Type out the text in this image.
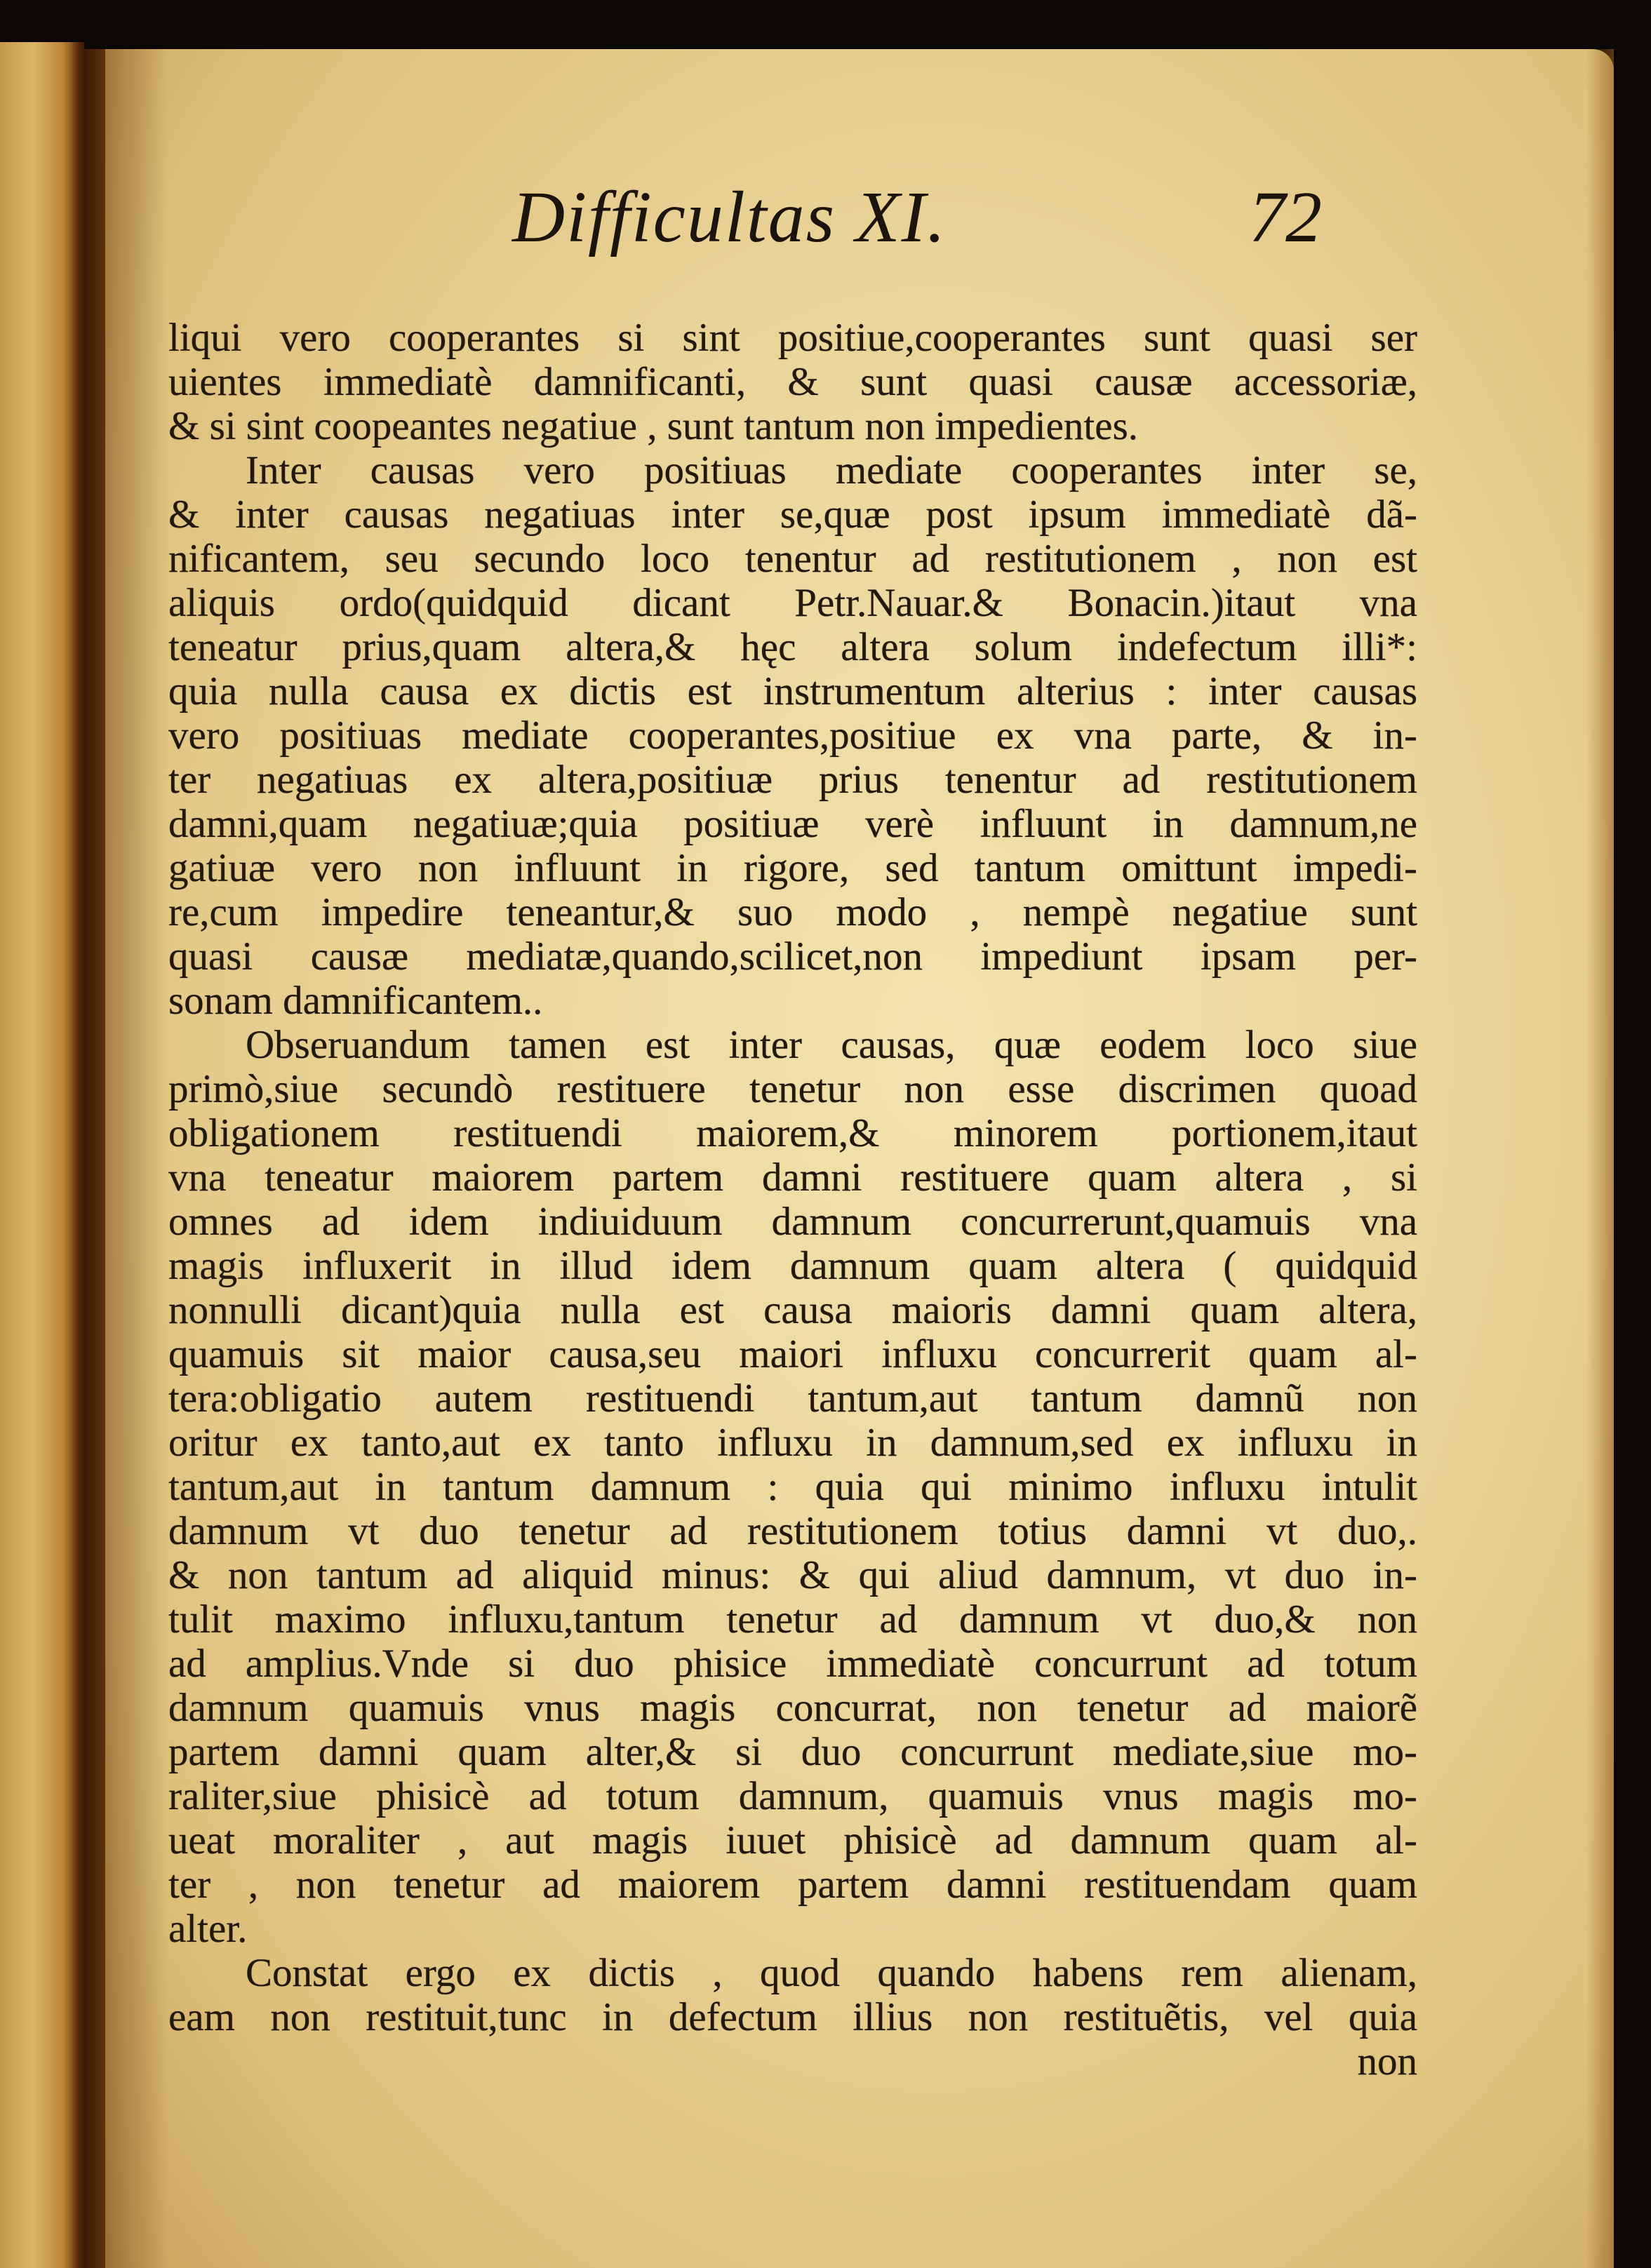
Difficultas XI.	72
liqui vero cooperantes si sint positiue,cooperantes sunt quasi ser
uientes immediatè damnificanti, & sunt quasi causæ accessoriæ,
& si sint coopeantes negatiue , sunt tantum non impedientes.
Inter causas vero positiuas mediate cooperantes inter se,
& inter causas negatiuas inter se,quæ post ipsum immediatè dã-
nificantem, seu secundo loco tenentur ad restitutionem , non est
aliquis ordo(quidquid dicant Petr.Nauar.& Bonacin.)itaut vna
teneatur prius,quam altera,& hęc altera solum indefectum illi*:
quia nulla causa ex dictis est instrumentum alterius : inter causas
vero positiuas mediate cooperantes,positiue ex vna parte, & in-
ter negatiuas ex altera,positiuæ prius tenentur ad restitutionem
damni,quam negatiuæ;quia positiuæ verè influunt in damnum,ne
gatiuæ vero non influunt in rigore, sed tantum omittunt impedi-
re,cum impedire teneantur,& suo modo , nempè negatiue sunt
quasi causæ mediatæ,quando,scilicet,non impediunt ipsam per-
sonam damnificantem..
Obseruandum tamen est inter causas, quæ eodem loco siue
primò,siue secundò restituere tenetur non esse discrimen quoad
obligationem restituendi maiorem,& minorem portionem,itaut
vna teneatur maiorem partem damni restituere quam altera , si
omnes ad idem indiuiduum damnum concurrerunt,quamuis vna
magis influxerit in illud idem damnum quam altera ( quidquid
nonnulli dicant)quia nulla est causa maioris damni quam altera,
quamuis sit maior causa,seu maiori influxu concurrerit quam al-
tera:obligatio autem restituendi tantum,aut tantum damnũ non
oritur ex tanto,aut ex tanto influxu in damnum,sed ex influxu in
tantum,aut in tantum damnum : quia qui minimo influxu intulit
damnum vt duo tenetur ad restitutionem totius damni vt duo,.
& non tantum ad aliquid minus: & qui aliud damnum, vt duo in-
tulit maximo influxu,tantum tenetur ad damnum vt duo,& non
ad amplius.Vnde si duo phisice immediatè concurrunt ad totum
damnum quamuis vnus magis concurrat, non tenetur ad maiorẽ
partem damni quam alter,& si duo concurrunt mediate,siue mo-
raliter,siue phisicè ad totum damnum, quamuis vnus magis mo-
ueat moraliter , aut magis iuuet phisicè ad damnum quam al-
ter , non tenetur ad maiorem partem damni restituendam quam
alter.
Constat ergo ex dictis , quod quando habens rem alienam,
eam non restituit,tunc in defectum illius non restituẽtis, vel quia
non
